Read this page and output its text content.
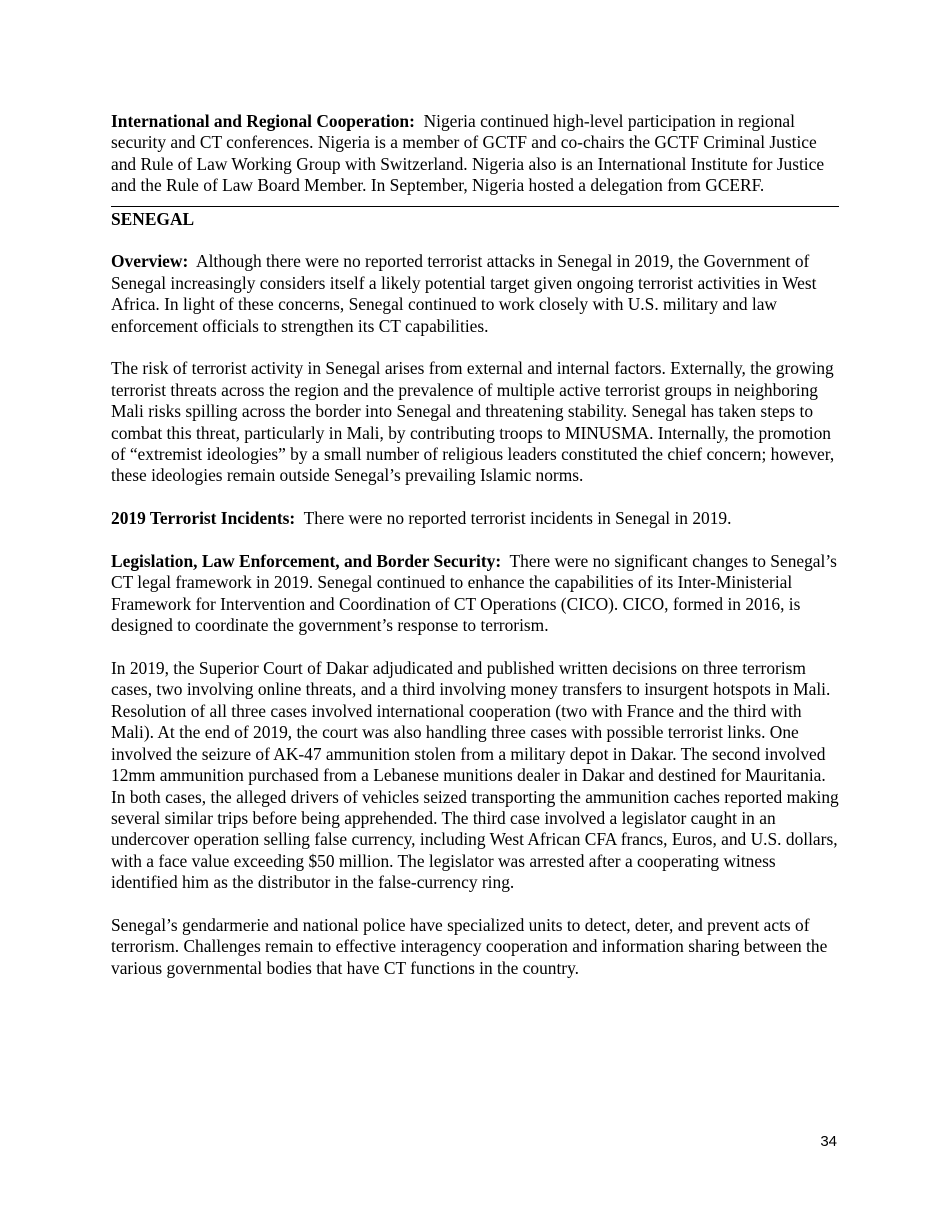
International and Regional Cooperation: Nigeria continued high-level participation in regional security and CT conferences. Nigeria is a member of GCTF and co-chairs the GCTF Criminal Justice and Rule of Law Working Group with Switzerland. Nigeria also is an International Institute for Justice and the Rule of Law Board Member. In September, Nigeria hosted a delegation from GCERF.

SENEGAL

Overview: Although there were no reported terrorist attacks in Senegal in 2019, the Government of Senegal increasingly considers itself a likely potential target given ongoing terrorist activities in West Africa. In light of these concerns, Senegal continued to work closely with U.S. military and law enforcement officials to strengthen its CT capabilities.

The risk of terrorist activity in Senegal arises from external and internal factors. Externally, the growing terrorist threats across the region and the prevalence of multiple active terrorist groups in neighboring Mali risks spilling across the border into Senegal and threatening stability. Senegal has taken steps to combat this threat, particularly in Mali, by contributing troops to MINUSMA. Internally, the promotion of “extremist ideologies” by a small number of religious leaders constituted the chief concern; however, these ideologies remain outside Senegal’s prevailing Islamic norms.

2019 Terrorist Incidents: There were no reported terrorist incidents in Senegal in 2019.

Legislation, Law Enforcement, and Border Security: There were no significant changes to Senegal’s CT legal framework in 2019. Senegal continued to enhance the capabilities of its Inter-Ministerial Framework for Intervention and Coordination of CT Operations (CICO). CICO, formed in 2016, is designed to coordinate the government’s response to terrorism.

In 2019, the Superior Court of Dakar adjudicated and published written decisions on three terrorism cases, two involving online threats, and a third involving money transfers to insurgent hotspots in Mali. Resolution of all three cases involved international cooperation (two with France and the third with Mali). At the end of 2019, the court was also handling three cases with possible terrorist links. One involved the seizure of AK-47 ammunition stolen from a military depot in Dakar. The second involved 12mm ammunition purchased from a Lebanese munitions dealer in Dakar and destined for Mauritania. In both cases, the alleged drivers of vehicles seized transporting the ammunition caches reported making several similar trips before being apprehended. The third case involved a legislator caught in an undercover operation selling false currency, including West African CFA francs, Euros, and U.S. dollars, with a face value exceeding $50 million. The legislator was arrested after a cooperating witness identified him as the distributor in the false-currency ring.

Senegal’s gendarmerie and national police have specialized units to detect, deter, and prevent acts of terrorism. Challenges remain to effective interagency cooperation and information sharing between the various governmental bodies that have CT functions in the country.

34
